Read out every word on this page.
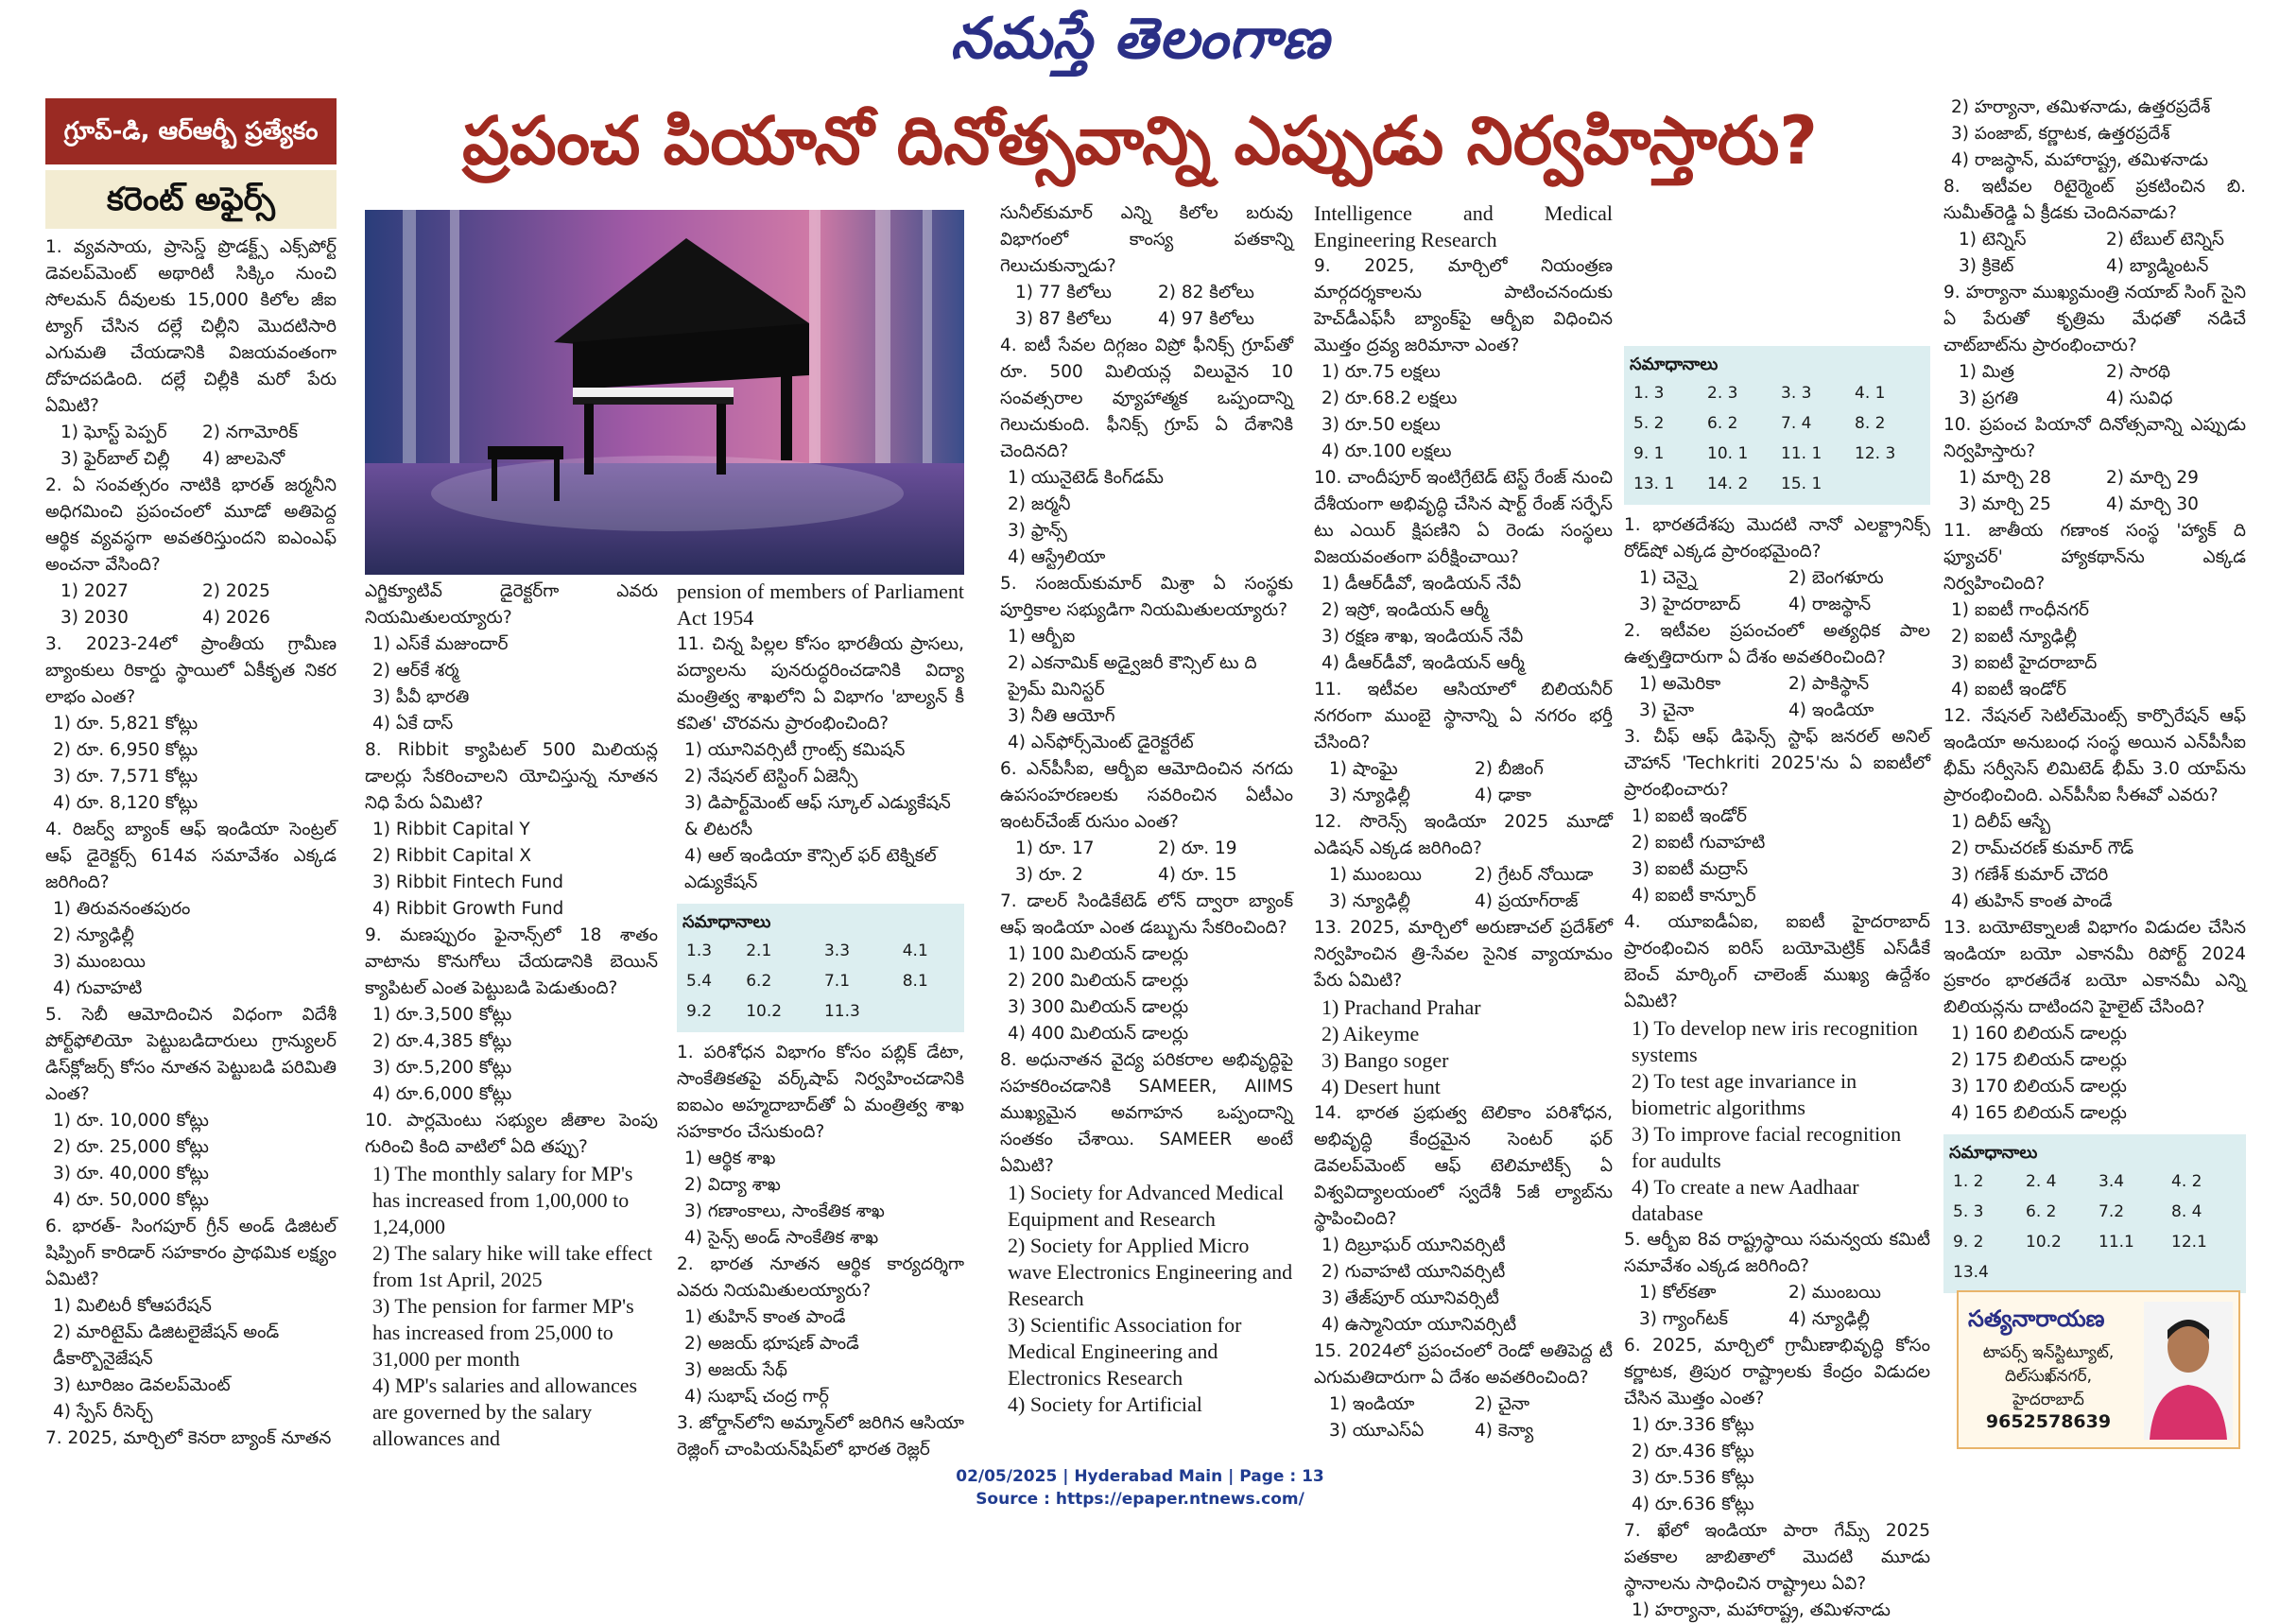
నమస్తే తెలంగాణ
గ్రూప్-డి, ఆర్ఆర్బీ ప్రత్యేకం
కరెంట్ అఫైర్స్
ప్రపంచ పియానో దినోత్సవాన్ని ఎప్పుడు నిర్వహిస్తారు?

1. వ్యవసాయ, ప్రాసెస్డ్ ప్రొడక్ట్స్ ఎక్స్‌పోర్ట్ డెవలప్‌మెంట్ అథారిటీ సిక్కిం నుంచి సోలమన్ దీవులకు 15,000 కిలోల జీఐ ట్యాగ్ చేసిన దల్లే చిల్లీని మొదటిసారి ఎగుమతి చేయడానికి విజయవంతంగా దోహదపడింది. దల్లే చిల్లీకి మరో పేరు ఏమిటి?

1) ఘోస్ట్ పెప్పర్	2) నగామోరిక్
3) ఫైర్‌బాల్ చిల్లీ	4) జాలపెనో

2. ఏ సంవత్సరం నాటికి భారత్ జర్మనీని అధిగమించి ప్రపంచంలో మూడో అతిపెద్ద ఆర్థిక వ్యవస్థగా అవతరిస్తుందని ఐఎంఎఫ్ అంచనా వేసింది?

1) 2027	2) 2025
3) 2030	4) 2026

3. 2023-24లో ప్రాంతీయ గ్రామీణ బ్యాంకులు రికార్డు స్థాయిలో ఏకీకృత నికర లాభం ఎంత?

1) రూ. 5,821 కోట్లు
2) రూ. 6,950 కోట్లు
3) రూ. 7,571 కోట్లు
4) రూ. 8,120 కోట్లు

4. రిజర్వ్ బ్యాంక్ ఆఫ్ ఇండియా సెంట్రల్ ఆఫ్ డైరెక్టర్స్ 614వ సమావేశం ఎక్కడ జరిగింది?

1) తిరువనంతపురం
2) న్యూఢిల్లీ
3) ముంబయి
4) గువాహటి

5. సెబీ ఆమోదించిన విధంగా విదేశీ పోర్ట్‌ఫోలియో పెట్టుబడిదారులు గ్రాన్యులర్ డిస్‌క్లోజర్స్ కోసం నూతన పెట్టుబడి పరిమితి ఎంత?

1) రూ. 10,000 కోట్లు
2) రూ. 25,000 కోట్లు
3) రూ. 40,000 కోట్లు
4) రూ. 50,000 కోట్లు

6. భారత్- సింగపూర్ గ్రీన్ అండ్ డిజిటల్ షిప్పింగ్ కారిడార్ సహకారం ప్రాథమిక లక్ష్యం ఏమిటి?

1) మిలిటరీ కోఆపరేషన్
2) మారిటైమ్ డిజిటలైజేషన్ అండ్ డీకార్బొనైజేషన్
3) టూరిజం డెవలప్‌మెంట్
4) స్పేస్ రీసెర్చ్

7. 2025, మార్చిలో కెనరా బ్యాంక్ నూతన

ఎగ్జిక్యూటివ్ డైరెక్టర్‌గా ఎవరు నియమితులయ్యారు?

1) ఎస్‌కే మజుందార్
2) ఆర్‌కే శర్మ
3) పీవీ భారతి
4) ఏకే దాస్

8. Ribbit క్యాపిటల్ 500 మిలియన్ల డాలర్లు సేకరించాలని యోచిస్తున్న నూతన నిధి పేరు ఏమిటి?

1) Ribbit Capital Y
2) Ribbit Capital X
3) Ribbit Fintech Fund
4) Ribbit Growth Fund

9. మణప్పురం ఫైనాన్స్‌లో 18 శాతం వాటాను కొనుగోలు చేయడానికి బెయిన్ క్యాపిటల్ ఎంత పెట్టుబడి పెడుతుంది?

1) రూ.3,500 కోట్లు
2) రూ.4,385 కోట్లు
3) రూ.5,200 కోట్లు
4) రూ.6,000 కోట్లు

10. పార్లమెంటు సభ్యుల జీతాల పెంపు గురించి కింది వాటిలో ఏది తప్పు?

1) The monthly salary for MP's has increased from 1,00,000 to 1,24,000
2) The salary hike will take effect from 1st April, 2025
3) The pension for farmer MP's has increased from 25,000 to 31,000 per month
4) MP's salaries and allowances are governed by the salary allowances and

pension of members of Parliament Act 1954

11. చిన్న పిల్లల కోసం భారతీయ ప్రాసలు, పద్యాలను పునరుద్ధరించడానికి విద్యా మంత్రిత్వ శాఖలోని ఏ విభాగం 'బాల్యన్ కీ కవిత' చొరవను ప్రారంభించింది?

1) యూనివర్సిటీ గ్రాంట్స్ కమిషన్
2) నేషనల్ టెస్టింగ్ ఏజెన్సీ
3) డిపార్ట్‌మెంట్ ఆఫ్ స్కూల్ ఎడ్యుకేషన్ & లిటరసీ
4) ఆల్ ఇండియా కౌన్సిల్ ఫర్ టెక్నికల్ ఎడ్యుకేషన్
సమాధానాలు
1.3	2.1	3.3	4.1
5.4	6.2	7.1	8.1
9.2	10.2	11.3	

1. పరిశోధన విభాగం కోసం పబ్లిక్ డేటా, సాంకేతికతపై వర్క్‌షాప్ నిర్వహించడానికి ఐఐఎం అహ్మదాబాద్‌తో ఏ మంత్రిత్వ శాఖ సహకారం చేసుకుంది?

1) ఆర్థిక శాఖ
2) విద్యా శాఖ
3) గణాంకాలు, సాంకేతిక శాఖ
4) సైన్స్ అండ్ సాంకేతిక శాఖ

2. భారత నూతన ఆర్థిక కార్యదర్శిగా ఎవరు నియమితులయ్యారు?

1) తుహిన్ కాంత పాండే
2) అజయ్ భూషణ్ పాండే
3) అజయ్ సేథ్
4) సుభాష్ చంద్ర గార్గ్

3. జోర్డాన్‌లోని అమ్మాన్‌లో జరిగిన ఆసియా రెజ్లింగ్ చాంపియన్‌షిప్‌లో భారత రెజ్లర్

సునీల్‌కుమార్ ఎన్ని కిలోల బరువు విభాగంలో కాంస్య పతకాన్ని గెలుచుకున్నాడు?

1) 77 కిలోలు	2) 82 కిలోలు
3) 87 కిలోలు	4) 97 కిలోలు

4. ఐటీ సేవల దిగ్గజం విప్రో ఫీనిక్స్ గ్రూప్‌తో రూ. 500 మిలియన్ల విలువైన 10 సంవత్సరాల వ్యూహాత్మక ఒప్పందాన్ని గెలుచుకుంది. ఫీనిక్స్ గ్రూప్ ఏ దేశానికి చెందినది?

1) యునైటెడ్ కింగ్‌డమ్
2) జర్మనీ
3) ఫ్రాన్స్
4) ఆస్ట్రేలియా

5. సంజయ్‌కుమార్ మిశ్రా ఏ సంస్థకు పూర్తికాల సభ్యుడిగా నియమితులయ్యారు?

1) ఆర్బీఐ
2) ఎకనామిక్ అడ్వైజరీ కౌన్సిల్ టు ది ప్రైమ్ మినిస్టర్
3) నీతి ఆయోగ్
4) ఎన్‌ఫోర్స్‌మెంట్ డైరెక్టరేట్

6. ఎన్‌పీసీఐ, ఆర్బీఐ ఆమోదించిన నగదు ఉపసంహరణలకు సవరించిన ఏటీఎం ఇంటర్‌చేంజ్ రుసుం ఎంత?

1) రూ. 17	2) రూ. 19
3) రూ. 2	4) రూ. 15

7. డాలర్ సిండికేటెడ్ లోన్ ద్వారా బ్యాంక్ ఆఫ్ ఇండియా ఎంత డబ్బును సేకరించింది?

1) 100 మిలియన్ డాలర్లు
2) 200 మిలియన్ డాలర్లు
3) 300 మిలియన్ డాలర్లు
4) 400 మిలియన్ డాలర్లు

8. అధునాతన వైద్య పరికరాల అభివృద్ధిపై సహకరించడానికి SAMEER, AIIMS ముఖ్యమైన అవగాహన ఒప్పందాన్ని సంతకం చేశాయి. SAMEER అంటే ఏమిటి?

1) Society for Advanced Medical Equipment and Research
2) Society for Applied Micro wave Electronics Engineering and Research
3) Scientific Association for Medical Engineering and Electronics Research
4) Society for Artificial

Intelligence and Medical Engineering Research

9. 2025, మార్చిలో నియంత్రణ మార్గదర్శకాలను పాటించనందుకు హెచ్‌డీఎఫ్‌సీ బ్యాంక్‌పై ఆర్బీఐ విధించిన మొత్తం ద్రవ్య జరిమానా ఎంత?

1) రూ.75 లక్షలు
2) రూ.68.2 లక్షలు
3) రూ.50 లక్షలు
4) రూ.100 లక్షలు

10. చాందీపూర్ ఇంటిగ్రేటెడ్ టెస్ట్ రేంజ్ నుంచి దేశీయంగా అభివృద్ధి చేసిన షార్ట్ రేంజ్ సర్ఫేస్ టు ఎయిర్ క్షిపణిని ఏ రెండు సంస్థలు విజయవంతంగా పరీక్షించాయి?

1) డీఆర్‌డీవో, ఇండియన్ నేవీ
2) ఇస్రో, ఇండియన్ ఆర్మీ
3) రక్షణ శాఖ, ఇండియన్ నేవీ
4) డీఆర్‌డీవో, ఇండియన్ ఆర్మీ

11. ఇటీవల ఆసియాలో బిలియనీర్ నగరంగా ముంబై స్థానాన్ని ఏ నగరం భర్తీ చేసింది?

1) షాంఘై	2) బీజింగ్
3) న్యూఢిల్లీ	4) ఢాకా

12. సొరెన్స్ ఇండియా 2025 మూడో ఎడిషన్ ఎక్కడ జరిగింది?

1) ముంబయి	2) గ్రేటర్ నోయిడా
3) న్యూఢిల్లీ	4) ప్రయాగ్‌రాజ్

13. 2025, మార్చిలో అరుణాచల్ ప్రదేశ్‌లో నిర్వహించిన త్రి-సేవల సైనిక వ్యాయామం పేరు ఏమిటి?

1) Prachand Prahar
2) Aikeyme
3) Bango soger
4) Desert hunt

14. భారత ప్రభుత్వ టెలికాం పరిశోధన, అభివృద్ధి కేంద్రమైన సెంటర్ ఫర్ డెవలప్‌మెంట్ ఆఫ్ టెలిమాటిక్స్ ఏ విశ్వవిద్యాలయంలో స్వదేశీ 5జీ ల్యాబ్‌ను స్థాపించింది?

1) దిబ్రూఘర్ యూనివర్సిటీ
2) గువాహటి యూనివర్సిటీ
3) తేజ్‌పూర్ యూనివర్సిటీ
4) ఉస్మానియా యూనివర్సిటీ

15. 2024లో ప్రపంచంలో రెండో అతిపెద్ద టీ ఎగుమతిదారుగా ఏ దేశం అవతరించింది?

1) ఇండియా	2) చైనా
3) యూఎస్ఏ	4) కెన్యా
సమాధానాలు
1. 3	2. 3	3. 3	4. 1
5. 2	6. 2	7. 4	8. 2
9. 1	10. 1	11. 1	12. 3
13. 1	14. 2	15. 1	

1. భారతదేశపు మొదటి నానో ఎలక్ట్రానిక్స్ రోడ్‌షో ఎక్కడ ప్రారంభమైంది?

1) చెన్నై	2) బెంగళూరు
3) హైదరాబాద్	4) రాజస్థాన్

2. ఇటీవల ప్రపంచంలో అత్యధిక పాల ఉత్పత్తిదారుగా ఏ దేశం అవతరించింది?

1) అమెరికా	2) పాకిస్థాన్
3) చైనా	4) ఇండియా

3. చీఫ్ ఆఫ్ డిఫెన్స్ స్టాఫ్ జనరల్ అనిల్ చౌహాన్ 'Techkriti 2025'ను ఏ ఐఐటీలో ప్రారంభించారు?

1) ఐఐటీ ఇండోర్
2) ఐఐటీ గువాహటి
3) ఐఐటీ మద్రాస్
4) ఐఐటీ కాన్పూర్

4. యూఐడీఏఐ, ఐఐటీ హైదరాబాద్ ప్రారంభించిన ఐరిస్ బయోమెట్రిక్ ఎస్‌డీకే బెంచ్ మార్కింగ్ చాలెంజ్ ముఖ్య ఉద్దేశం ఏమిటి?

1) To develop new iris recognition systems
2) To test age invariance in biometric algorithms
3) To improve facial recognition for audults
4) To create a new Aadhaar database

5. ఆర్బీఐ 8వ రాష్ట్రస్థాయి సమన్వయ కమిటీ సమావేశం ఎక్కడ జరిగింది?

1) కోల్‌కతా	2) ముంబయి
3) గ్యాంగ్‌టక్	4) న్యూఢిల్లీ

6. 2025, మార్చిలో గ్రామీణాభివృద్ధి కోసం కర్ణాటక, త్రిపుర రాష్ట్రాలకు కేంద్రం విడుదల చేసిన మొత్తం ఎంత?

1) రూ.336 కోట్లు
2) రూ.436 కోట్లు
3) రూ.536 కోట్లు
4) రూ.636 కోట్లు

7. ఖేలో ఇండియా పారా గేమ్స్ 2025 పతకాల జాబితాలో మొదటి మూడు స్థానాలను సాధించిన రాష్ట్రాలు ఏవి?

1) హర్యానా, మహారాష్ట్ర, తమిళనాడు
2) హర్యానా, తమిళనాడు, ఉత్తరప్రదేశ్
3) పంజాబ్, కర్ణాటక, ఉత్తరప్రదేశ్
4) రాజస్థాన్, మహారాష్ట్ర, తమిళనాడు

8. ఇటీవల రిటైర్మెంట్ ప్రకటించిన బి. సుమీత్‌రెడ్డి ఏ క్రీడకు చెందినవాడు?

1) టెన్నిస్	2) టేబుల్ టెన్నిస్
3) క్రికెట్	4) బ్యాడ్మింటన్

9. హర్యానా ముఖ్యమంత్రి నయాబ్ సింగ్ సైని ఏ పేరుతో కృత్రిమ మేధతో నడిచే చాట్‌బాట్‌ను ప్రారంభించారు?

1) మిత్ర	2) సారథి
3) ప్రగతి	4) సువిధ

10. ప్రపంచ పియానో దినోత్సవాన్ని ఎప్పుడు నిర్వహిస్తారు?

1) మార్చి 28	2) మార్చి 29
3) మార్చి 25	4) మార్చి 30

11. జాతీయ గణాంక సంస్థ 'హ్యాక్ ది ఫ్యూచర్' హ్యాకథాన్‌ను ఎక్కడ నిర్వహించింది?

1) ఐఐటీ గాంధీనగర్
2) ఐఐటీ న్యూఢిల్లీ
3) ఐఐటీ హైదరాబాద్
4) ఐఐటీ ఇండోర్

12. నేషనల్ సెటిల్‌మెంట్స్ కార్పొరేషన్ ఆఫ్ ఇండియా అనుబంధ సంస్థ అయిన ఎన్‌పీసీఐ భీమ్‌ సర్వీసెస్ లిమిటెడ్ భీమ్‌ 3.0 యాప్‌ను ప్రారంభించింది. ఎన్‌పీసీఐ సీఈవో ఎవరు?

1) దిలీప్ ఆస్బే
2) రామ్‌చరణ్ కుమార్ గౌడ్
3) గణేశ్ కుమార్ చౌదరి
4) తుహిన్ కాంత పాండే

13. బయోటెక్నాలజీ విభాగం విడుదల చేసిన ఇండియా బయో ఎకానమీ రిపోర్ట్ 2024 ప్రకారం భారతదేశ బయో ఎకానమీ ఎన్ని బిలియన్లను దాటిందని హైలైట్ చేసింది?

1) 160 బిలియన్ డాలర్లు
2) 175 బిలియన్ డాలర్లు
3) 170 బిలియన్ డాలర్లు
4) 165 బిలియన్ డాలర్లు
సమాధానాలు
1. 2	2. 4	3.4	4. 2
5. 3	6. 2	7.2	8. 4
9. 2	10.2	11.1	12.1
13.4			
సత్యనారాయణ
టాపర్స్ ఇన్‌స్టిట్యూట్, దిల్‌సుఖ్‌నగర్, హైదరాబాద్
9652578639
02/05/2025 | Hyderabad Main | Page : 13
Source : https://epaper.ntnews.com/
